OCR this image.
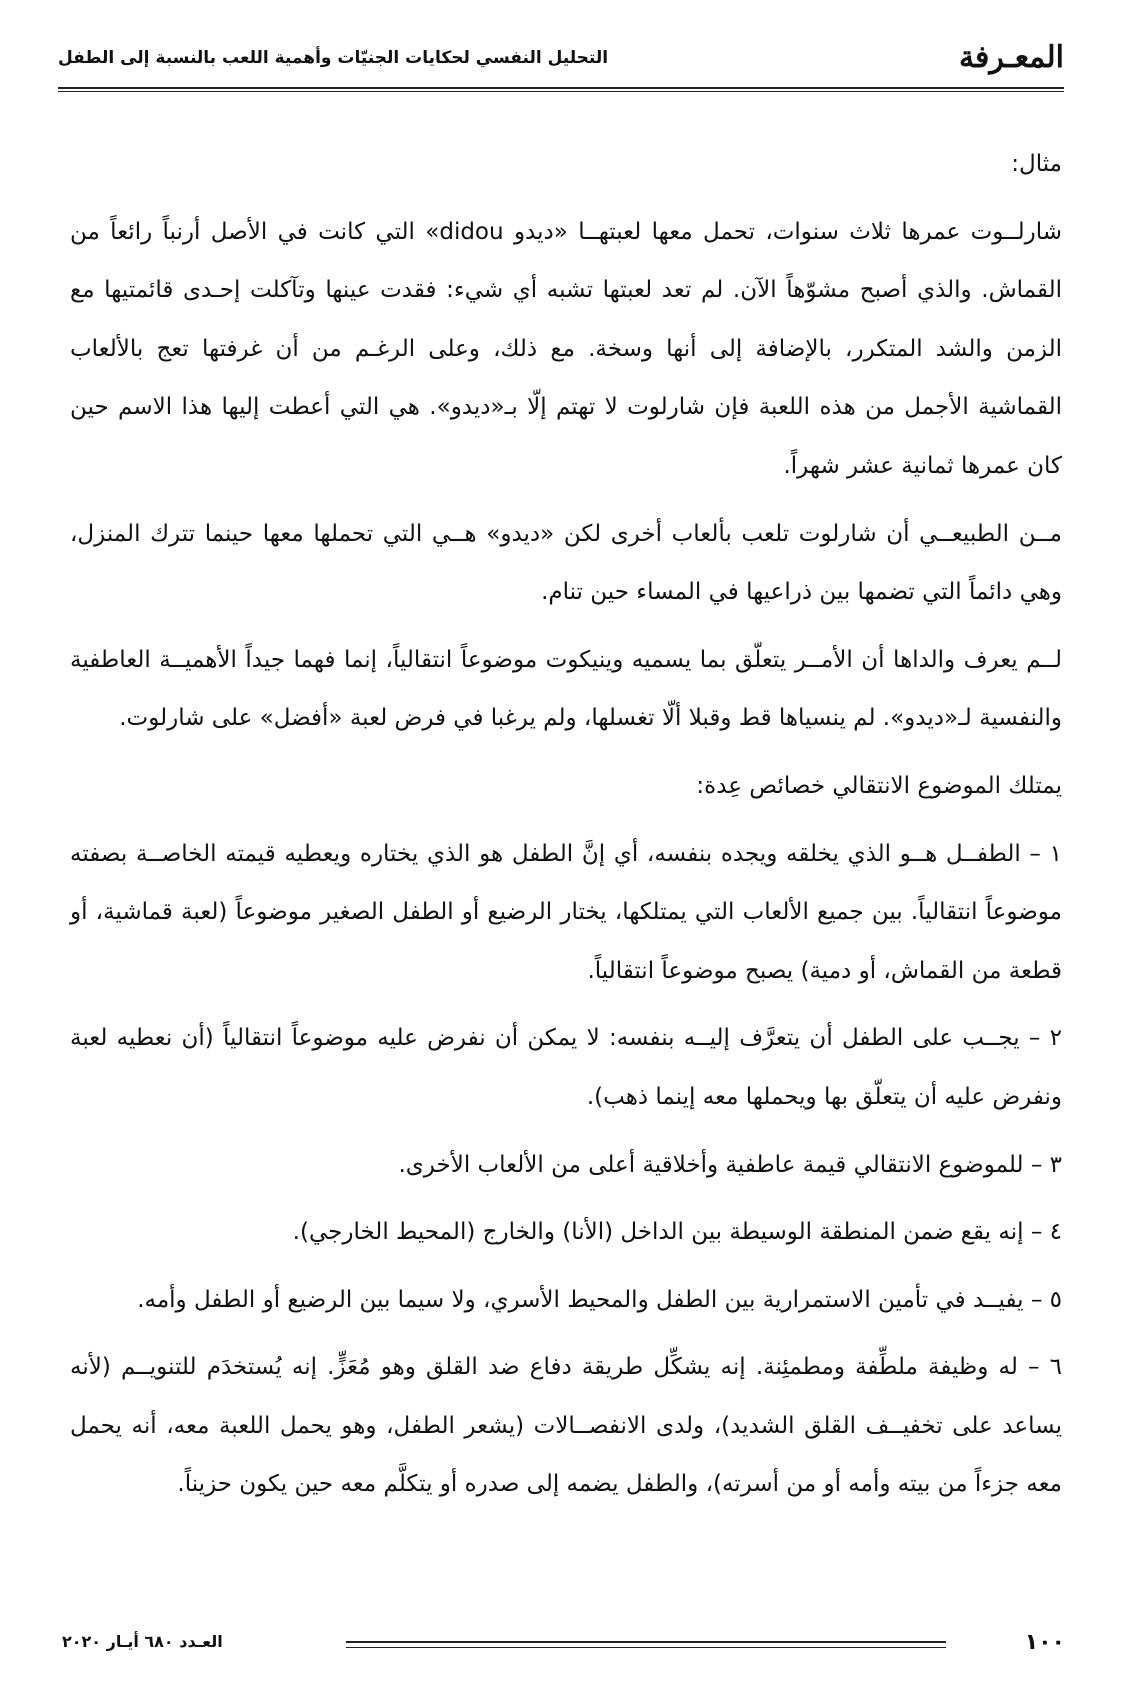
المعـرفة
التحليل النفسي لحكايات الجنيّات وأهمية اللعب بالنسبة إلى الطفل

مثال:

شارلــوت عمرها ثلاث سنوات، تحمل معها لعبتهــا «ديدو didou» التي كانت في الأصل أرنباً رائعاً من القماش. والذي أصبح مشوّهاً الآن. لم تعد لعبتها تشبه أي شيء: فقدت عينها وتآكلت إحـدى قائمتيها مع الزمن والشد المتكرر، بالإضافة إلى أنها وسخة. مع ذلك، وعلى الرغـم من أن غرفتها تعج بالألعاب القماشية الأجمل من هذه اللعبة فإن شارلوت لا تهتم إلّا بـ«ديدو». هي التي أعطت إليها هذا الاسم حين كان عمرها ثمانية عشر شهراً.

مــن الطبيعــي أن شارلوت تلعب بألعاب أخرى لكن «ديدو» هــي التي تحملها معها حينما تترك المنزل، وهي دائماً التي تضمها بين ذراعيها في المساء حين تنام.

لــم يعرف والداها أن الأمــر يتعلّق بما يسميه وينيكوت موضوعاً انتقالياً، إنما فهما جيداً الأهميــة العاطفية والنفسية لـ«ديدو». لم ينسياها قط وقبلا ألّا تغسلها، ولم يرغبا في فرض لعبة «أفضل» على شارلوت.

يمتلك الموضوع الانتقالي خصائص عِدة:

١ – الطفــل هــو الذي يخلقه ويجده بنفسه، أي إنَّ الطفل هو الذي يختاره ويعطيه قيمته الخاصــة بصفته موضوعاً انتقالياً. بين جميع الألعاب التي يمتلكها، يختار الرضيع أو الطفل الصغير موضوعاً (لعبة قماشية، أو قطعة من القماش، أو دمية) يصبح موضوعاً انتقالياً.

٢ – يجــب على الطفل أن يتعرَّف إليــه بنفسه: لا يمكن أن نفرض عليه موضوعاً انتقالياً (أن نعطيه لعبة ونفرض عليه أن يتعلّق بها ويحملها معه إينما ذهب).

٣ – للموضوع الانتقالي قيمة عاطفية وأخلاقية أعلى من الألعاب الأخرى.

٤ – إنه يقع ضمن المنطقة الوسيطة بين الداخل (الأنا) والخارج (المحيط الخارجي).

٥ – يفيــد في تأمين الاستمرارية بين الطفل والمحيط الأسري، ولا سيما بين الرضيع أو الطفل وأمه.

٦ – له وظيفة ملطِّفة ومطمئِنة. إنه يشكِّل طريقة دفاع ضد القلق وهو مُعَزٍّ. إنه يُستخدَم للتنويــم (لأنه يساعد على تخفيــف القلق الشديد)، ولدى الانفصــالات (يشعر الطفل، وهو يحمل اللعبة معه، أنه يحمل معه جزءاً من بيته وأمه أو من أسرته)، والطفل يضمه إلى صدره أو يتكلَّم معه حين يكون حزيناً.

١٠٠
العـدد ٦٨٠ أيـار ٢٠٢٠
